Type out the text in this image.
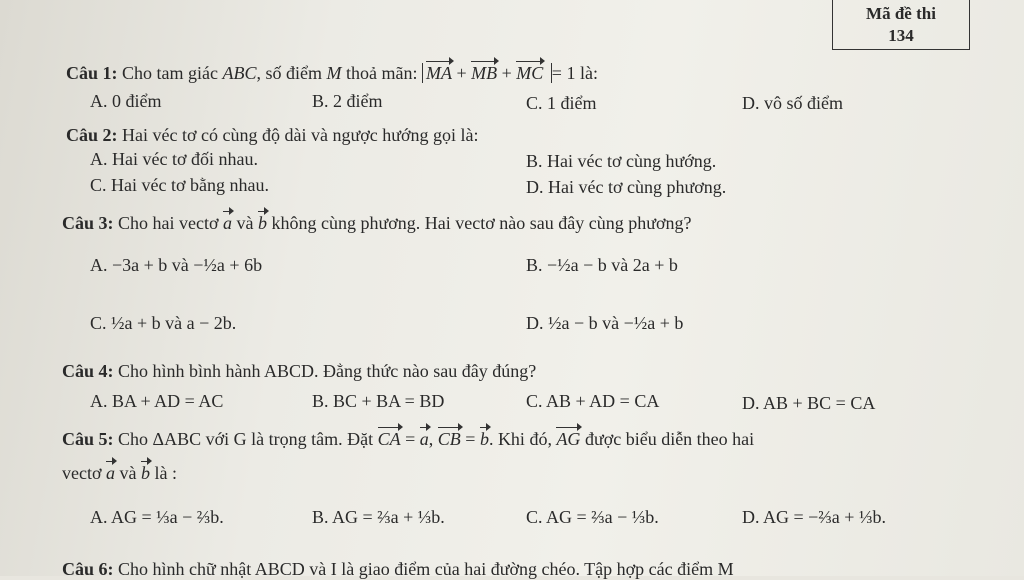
Mã đề thi
134
Câu 1: Cho tam giác ABC, số điểm M thoả mãn: MA + MB + MC = 1 là:
A. 0 điểm	B. 2 điểm	C. 1 điểm	D. vô số điểm
Câu 2: Hai véc tơ có cùng độ dài và ngược hướng gọi là:
A. Hai véc tơ đối nhau.	B. Hai véc tơ cùng hướng.
C. Hai véc tơ bằng nhau.	D. Hai véc tơ cùng phương.
Câu 3: Cho hai vectơ a và b không cùng phương. Hai vectơ nào sau đây cùng phương?
A. −3a + b và −½a + 6b	B. −½a − b và 2a + b
C. ½a + b và a − 2b.	D. ½a − b và −½a + b
Câu 4: Cho hình bình hành ABCD. Đẳng thức nào sau đây đúng?
A. BA + AD = AC	B. BC + BA = BD	C. AB + AD = CA	D. AB + BC = CA
Câu 5: Cho ΔABC với G là trọng tâm. Đặt CA = a, CB = b. Khi đó, AG được biểu diễn theo hai
vectơ a và b là :
A. AG = ⅓a − ⅔b.	B. AG = ⅔a + ⅓b.	C. AG = ⅔a − ⅓b.	D. AG = −⅔a + ⅓b.
Câu 6: Cho hình chữ nhật ABCD và I là giao điểm của hai đường chéo. Tập hợp các điểm M
